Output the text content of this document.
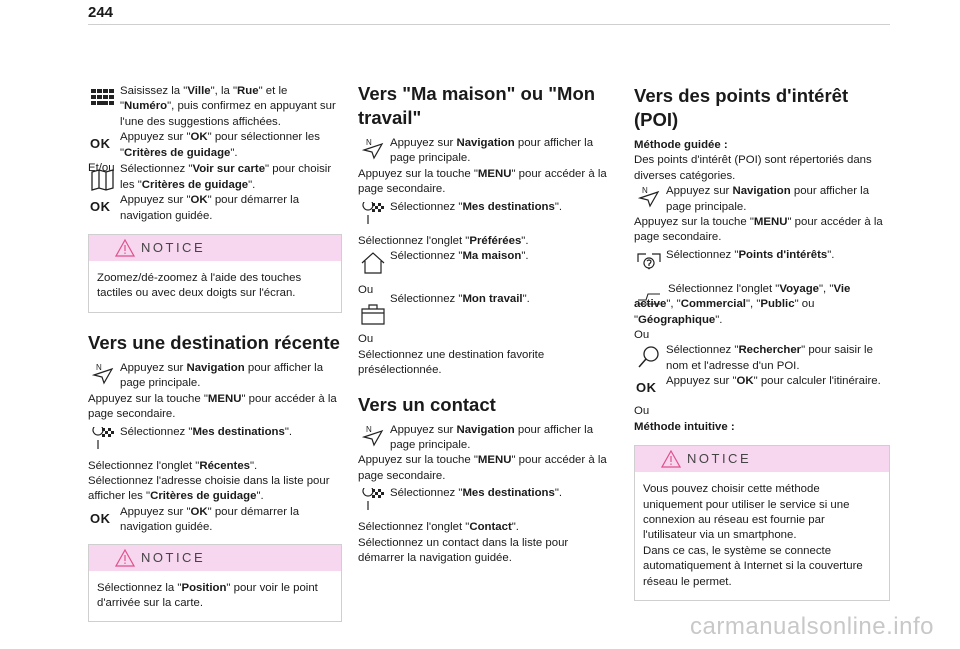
244

Saisissez la "Ville", la "Rue" et le "Numéro", puis confirmez en appuyant sur l'une des suggestions affichées.

OK Appuyez sur "OK" pour sélectionner les "Critères de guidage".

Et/ou Sélectionnez "Voir sur carte" pour choisir les "Critères de guidage".

OK Appuyez sur "OK" pour démarrer la navigation guidée.

NOTICE
Zoomez/dé-zoomez à l'aide des touches tactiles ou avec deux doigts sur l'écran.
Vers une destination récente
N Appuyez sur Navigation pour afficher la page principale.

Appuyez sur la touche "MENU" pour accéder à la page secondaire.

Sélectionnez "Mes destinations".

Sélectionnez l'onglet "Récentes".

Sélectionnez l'adresse choisie dans la liste pour afficher les "Critères de guidage".

OK Appuyez sur "OK" pour démarrer la navigation guidée.

NOTICE
Sélectionnez la "Position" pour voir le point d'arrivée sur la carte.
Vers "Ma maison" ou "Mon travail"
N Appuyez sur Navigation pour afficher la page principale.

Appuyez sur la touche "MENU" pour accéder à la page secondaire.

Sélectionnez "Mes destinations".

Sélectionnez l'onglet "Préférées".

Sélectionnez "Ma maison".

Ou

Sélectionnez "Mon travail".

Ou

Sélectionnez une destination favorite présélectionnée.

Vers un contact
N Appuyez sur Navigation pour afficher la page principale.

Appuyez sur la touche "MENU" pour accéder à la page secondaire.

Sélectionnez "Mes destinations".

Sélectionnez l'onglet "Contact".

Sélectionnez un contact dans la liste pour démarrer la navigation guidée.

Vers des points d'intérêt (POI)

Méthode guidée :

Des points d'intérêt (POI) sont répertoriés dans diverses catégories.

N Appuyez sur Navigation pour afficher la page principale.

Appuyez sur la touche "MENU" pour accéder à la page secondaire.

Sélectionnez "Points d'intérêts".

Sélectionnez l'onglet "Voyage", "Vie active", "Commercial", "Public" ou "Géographique".

Ou

Sélectionnez "Rechercher" pour saisir le nom et l'adresse d'un POI.

OK Appuyez sur "OK" pour calculer l'itinéraire.

Ou

Méthode intuitive :

NOTICE
Vous pouvez choisir cette méthode uniquement pour utiliser le service si une connexion au réseau est fournie par l'utilisateur via un smartphone.
Dans ce cas, le système se connecte automatiquement à Internet si la couverture réseau le permet.
carmanualsonline.info
